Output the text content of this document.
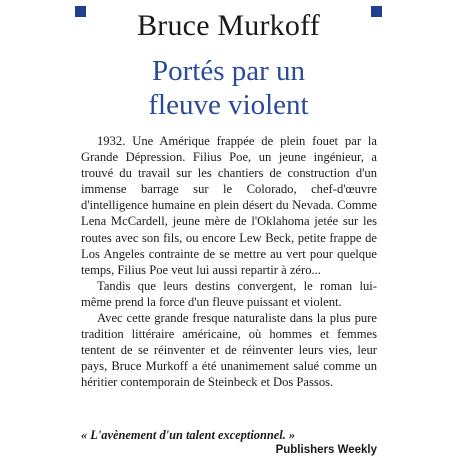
Bruce Murkoff
Portés par un
fleuve violent

1932. Une Amérique frappée de plein fouet par la Grande Dépression. Filius Poe, un jeune ingénieur, a trouvé du travail sur les chantiers de construction d'un immense barrage sur le Colorado, chef-d'œuvre d'intelligence humaine en plein désert du Nevada. Comme Lena McCardell, jeune mère de l'Oklahoma jetée sur les routes avec son fils, ou encore Lew Beck, petite frappe de Los Angeles contrainte de se mettre au vert pour quelque temps, Filius Poe veut lui aussi repartir à zéro...

Tandis que leurs destins convergent, le roman lui-même prend la force d'un fleuve puissant et violent.

Avec cette grande fresque naturaliste dans la plus pure tradition littéraire américaine, où hommes et femmes tentent de se réinventer et de réinventer leurs vies, leur pays, Bruce Murkoff a été unanimement salué comme un héritier contemporain de Steinbeck et Dos Passos.

« L'avènement d'un talent exceptionnel. »
Publishers Weekly
